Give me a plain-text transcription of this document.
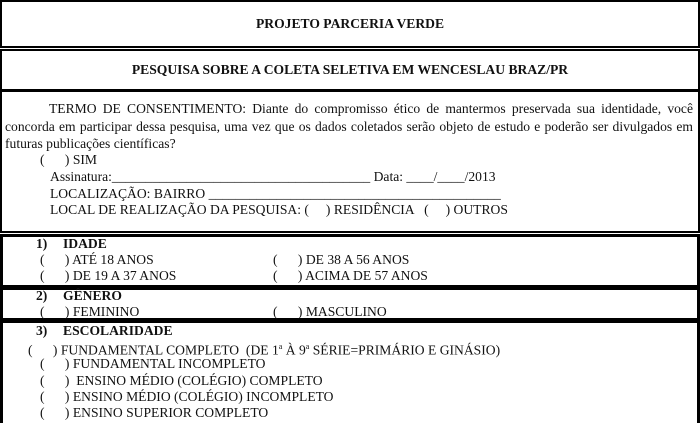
PROJETO PARCERIA VERDE
PESQUISA SOBRE A COLETA SELETIVA EM WENCESLAU BRAZ/PR
TERMO DE CONSENTIMENTO: Diante do compromisso ético de mantermos preservada sua identidade, você concorda em participar dessa pesquisa, uma vez que os dados coletados serão objeto de estudo e poderão ser divulgados em futuras publicações científicas?
(      ) SIM
Assinatura:______________________________________ Data: ____/____/2013
LOCALIZAÇÃO: BAIRRO ___________________________________________
LOCAL DE REALIZAÇÃO DA PESQUISA: (     ) RESIDÊNCIA   (     ) OUTROS
1) IDADE
(      ) ATÉ 18 ANOS	(      ) DE 38 A 56 ANOS
(      ) DE 19 A 37 ANOS	(      ) ACIMA DE 57 ANOS
2) GÊNERO
(      ) FEMININO	(      ) MASCULINO
3) ESCOLARIDADE
(      ) FUNDAMENTAL COMPLETO  (DE 1$^a$ À 9$^a$ SÉRIE=PRIMÁRIO E GINÁSIO)
(      ) FUNDAMENTAL INCOMPLETO
(      )  ENSINO MÉDIO (COLÉGIO) COMPLETO
(      ) ENSINO MÉDIO (COLÉGIO) INCOMPLETO
(      ) ENSINO SUPERIOR COMPLETO
